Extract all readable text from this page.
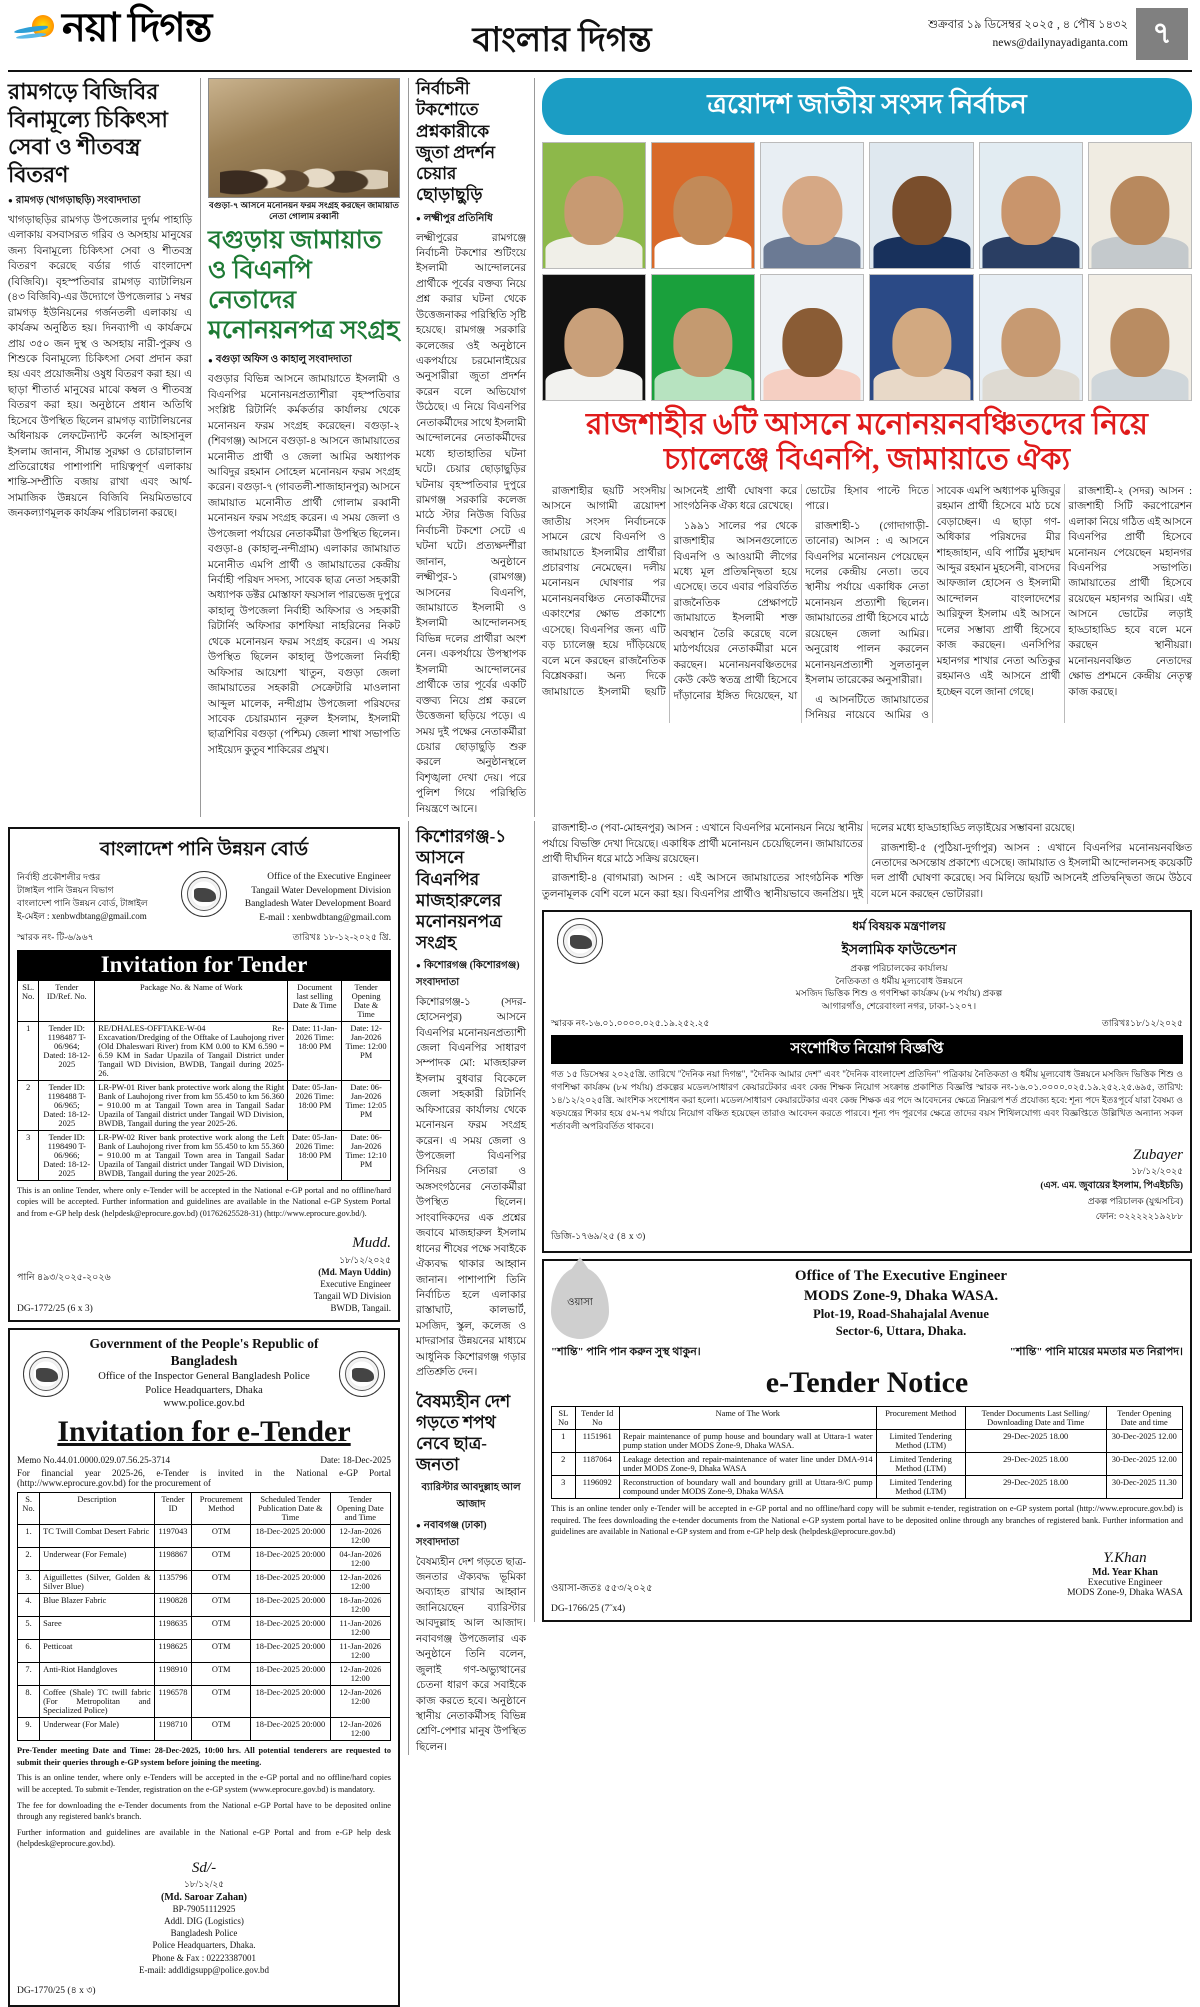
নয়া দিগন্ত	বাংলার দিগন্ত	শুক্রবার ১৯ ডিসেম্বর ২০২৫ , ৪ পৌষ ১৪৩২
news@dailynayadiganta.com ৭
রামগড়ে বিজিবির বিনামূল্যে চিকিৎসা সেবা ও শীতবস্ত্র বিতরণ
● রামগড় (খাগড়াছড়ি) সংবাদদাতা
খাগড়াছড়ির রামগড় উপজেলার দুর্গম পাহাড়ি এলাকায় বসবাসরত গরিব ও অসহায় মানুষের জন্য বিনামূল্যে চিকিৎসা সেবা ও শীতবস্ত্র বিতরণ করেছে বর্ডার গার্ড বাংলাদেশ (বিজিবি)। বৃহস্পতিবার রামগড় ব্যাটালিয়ন (৪৩ বিজিবি)-এর উদ্যোগে উপজেলার ১ নম্বর রামগড় ইউনিয়নের গর্জনতলী এলাকায় এ কার্যক্রম অনুষ্ঠিত হয়। দিনব্যাপী এ কার্যক্রমে প্রায় ৩৫০ জন দুস্থ ও অসহায় নারী-পুরুষ ও শিশুকে বিনামূল্যে চিকিৎসা সেবা প্রদান করা হয় এবং প্রয়োজনীয় ওষুধ বিতরণ করা হয়। এ ছাড়া শীতার্ত মানুষের মাঝে কম্বল ও শীতবস্ত্র বিতরণ করা হয়। অনুষ্ঠানে প্রধান অতিথি হিসেবে উপস্থিত ছিলেন রামগড় ব্যাটালিয়নের অধিনায়ক লেফটেন্যান্ট কর্নেল আহসানুল ইসলাম জানান, সীমান্ত সুরক্ষা ও চোরাচালান প্রতিরোধের পাশাপাশি দায়িত্বপূর্ণ এলাকায় শান্তি-সম্প্রীতি বজায় রাখা এবং আর্থ-সামাজিক উন্নয়নে বিজিবি নিয়মিতভাবে জনকল্যাণমূলক কার্যক্রম পরিচালনা করছে।
বগুড়া-৭ আসনে মনোনয়ন ফরম সংগ্রহ করছেন জামায়াত নেতা গোলাম রব্বানী
বগুড়ায় জামায়াত ও বিএনপি নেতাদের মনোনয়নপত্র সংগ্রহ
● বগুড়া অফিস ও কাহালু সংবাদদাতা
বগুড়ার বিভিন্ন আসনে জামায়াতে ইসলামী ও বিএনপির মনোনয়নপ্রত্যাশীরা বৃহস্পতিবার সংশ্লিষ্ট রিটার্নিং কর্মকর্তার কার্যালয় থেকে মনোনয়ন ফরম সংগ্রহ করেছেন। বগুড়া-২ (শিবগঞ্জ) আসনে বগুড়া-৪ আসনে জামায়াতের মনোনীত প্রার্থী ও জেলা আমির অধ্যাপক আবিদুর রহমান সোহেল মনোনয়ন ফরম সংগ্রহ করেন। বগুড়া-৭ (গাবতলী-শাজাহানপুর) আসনে জামায়াত মনোনীত প্রার্থী গোলাম রব্বানী মনোনয়ন ফরম সংগ্রহ করেন। এ সময় জেলা ও উপজেলা পর্যায়ের নেতাকর্মীরা উপস্থিত ছিলেন। বগুড়া-৪ (কাহালু-নন্দীগ্রাম) এলাকার জামায়াত মনোনীত এমপি প্রার্থী ও জামায়াতের কেন্দ্রীয় নির্বাহী পরিষদ সদস্য, সাবেক ছাত্র নেতা সহকারী অধ্যাপক ডক্টর মোস্তাফা ফয়সাল পারভেজ দুপুরে কাহালু উপজেলা নির্বাহী অফিসার ও সহকারী রিটার্নিং অফিসার কাশফিয়া নাহরিনের নিকট থেকে মনোনয়ন ফরম সংগ্রহ করেন। এ সময় উপস্থিত ছিলেন কাহালু উপজেলা নির্বাহী অফিসার আয়েশা খাতুন, বগুড়া জেলা জামায়াতের সহকারী সেক্রেটারি মাওলানা আব্দুল মালেক, নন্দীগ্রাম উপজেলা পরিষদের সাবেক চেয়ারম্যান নূরুল ইসলাম, ইসলামী ছাত্রশিবির বগুড়া (পশ্চিম) জেলা শাখা সভাপতি সাইয়্যেদ কুতুব শাকিরের প্রমুখ।
নির্বাচনী টকশোতে প্রশ্নকারীকে জুতা প্রদর্শন চেয়ার ছোড়াছুড়ি
● লক্ষ্মীপুর প্রতিনিধি
লক্ষ্মীপুরের রামগঞ্জে নির্বাচনী টকশোর শুটিংয়ে ইসলামী আন্দোলনের প্রার্থীকে পূর্বের বক্তব্য নিয়ে প্রশ্ন করার ঘটনা থেকে উত্তেজনাকর পরিস্থিতি সৃষ্টি হয়েছে। রামগঞ্জ সরকারি কলেজের ওই অনুষ্ঠানে একপর্যায়ে চরমোনাইয়ের অনুসারীরা জুতা প্রদর্শন করেন বলে অভিযোগ উঠেছে। এ নিয়ে বিএনপির নেতাকর্মীদের সাথে ইসলামী আন্দোলনের নেতাকর্মীদের মধ্যে হাতাহাতির ঘটনা ঘটে। চেয়ার ছোড়াছুড়ির ঘটনায় বৃহস্পতিবার দুপুরে রামগঞ্জ সরকারি কলেজ মাঠে স্টার নিউজ বিডির নির্বাচনী টকশো সেটে এ ঘটনা ঘটে। প্রত্যক্ষদর্শীরা জানান, অনুষ্ঠানে লক্ষ্মীপুর-১ (রামগঞ্জ) আসনের বিএনপি, জামায়াতে ইসলামী ও ইসলামী আন্দোলনসহ বিভিন্ন দলের প্রার্থীরা অংশ নেন। একপর্যায়ে উপস্থাপক ইসলামী আন্দোলনের প্রার্থীকে তার পূর্বের একটি বক্তব্য নিয়ে প্রশ্ন করলে উত্তেজনা ছড়িয়ে পড়ে। এ সময় দুই পক্ষের নেতাকর্মীরা চেয়ার ছোড়াছুড়ি শুরু করলে অনুষ্ঠানস্থলে বিশৃঙ্খলা দেখা দেয়। পরে পুলিশ গিয়ে পরিস্থিতি নিয়ন্ত্রণে আনে।
ত্রয়োদশ জাতীয় সংসদ নির্বাচন
রাজশাহীর ৬টি আসনে মনোনয়নবঞ্চিতদের নিয়ে চ্যালেঞ্জে বিএনপি, জামায়াতে ঐক্য

রাজশাহীর ছয়টি সংসদীয় আসনে আগামী ত্রয়োদশ জাতীয় সংসদ নির্বাচনকে সামনে রেখে বিএনপি ও জামায়াতে ইসলামীর প্রার্থীরা প্রচারণায় নেমেছেন। দলীয় মনোনয়ন ঘোষণার পর মনোনয়নবঞ্চিত নেতাকর্মীদের একাংশের ক্ষোভ প্রকাশ্যে এসেছে। বিএনপির জন্য এটি বড় চ্যালেঞ্জ হয়ে দাঁড়িয়েছে বলে মনে করছেন রাজনৈতিক বিশ্লেষকরা। অন্য দিকে জামায়াতে ইসলামী ছয়টি আসনেই প্রার্থী ঘোষণা করে সাংগঠনিক ঐক্য ধরে রেখেছে।

১৯৯১ সালের পর থেকে রাজশাহীর আসনগুলোতে বিএনপি ও আওয়ামী লীগের মধ্যে মূল প্রতিদ্বন্দ্বিতা হয়ে এসেছে। তবে এবার পরিবর্তিত রাজনৈতিক প্রেক্ষাপটে জামায়াতে ইসলামী শক্ত অবস্থান তৈরি করেছে বলে মাঠপর্যায়ের নেতাকর্মীরা মনে করছেন। মনোনয়নবঞ্চিতদের কেউ কেউ স্বতন্ত্র প্রার্থী হিসেবে দাঁড়ানোর ইঙ্গিত দিয়েছেন, যা ভোটের হিসাব পাল্টে দিতে পারে।

রাজশাহী-১ (গোদাগাড়ী-তানোর) আসন : এ আসনে বিএনপির মনোনয়ন পেয়েছেন দলের কেন্দ্রীয় নেতা। তবে স্থানীয় পর্যায়ে একাধিক নেতা মনোনয়ন প্রত্যাশী ছিলেন। জামায়াতের প্রার্থী হিসেবে মাঠে রয়েছেন জেলা আমির। অনুরোধ পালন করলেন মনোনয়নপ্রত্যাশী সুলতানুল ইসলাম তারেকের অনুসারীরা।

এ আসনটিতে জামায়াতের সিনিয়র নায়েবে আমির ও সাবেক এমপি অধ্যাপক মুজিবুর রহমান প্রার্থী হিসেবে মাঠ চষে বেড়াচ্ছেন। এ ছাড়া গণ-অধিকার পরিষদের মীর শাহজাহান, এবি পার্টির মুহাম্মদ আব্দুর রহমান মুহসেনী, বাসদের আফজাল হোসেন ও ইসলামী আন্দোলন বাংলাদেশের আরিফুল ইসলাম এই আসনে দলের সম্ভাব্য প্রার্থী হিসেবে কাজ করছেন। এনসিপির মহানগর শাখার নেতা অতিকুর রহমানও এই আসনে প্রার্থী হচ্ছেন বলে জানা গেছে।

রাজশাহী-২ (সদর) আসন : রাজশাহী সিটি করপোরেশন এলাকা নিয়ে গঠিত এই আসনে বিএনপির প্রার্থী হিসেবে মনোনয়ন পেয়েছেন মহানগর বিএনপির সভাপতি। জামায়াতের প্রার্থী হিসেবে রয়েছেন মহানগর আমির। এই আসনে ভোটের লড়াই হাড্ডাহাড্ডি হবে বলে মনে করছেন স্থানীয়রা। মনোনয়নবঞ্চিত নেতাদের ক্ষোভ প্রশমনে কেন্দ্রীয় নেতৃত্ব কাজ করছে।

বাংলাদেশ পানি উন্নয়ন বোর্ড
নির্বাহী প্রকৌশলীর দপ্তর
টাঙ্গাইল পানি উন্নয়ন বিভাগ
বাংলাদেশ পানি উন্নয়ন বোর্ড, টাঙ্গাইল
ই-মেইল : xenbwdbtang@gmail.com
Office of the Executive Engineer
Tangail Water Development Division
Bangladesh Water Development Board
E-mail : xenbwdbtang@gmail.com
স্মারক নং- টি-৬/৯৬৭	তারিখঃ ১৮-১২-২০২৫ খ্রি.
Invitation for Tender
SL. No.	Tender ID/Ref. No.	Package No. & Name of Work	Document last selling Date & Time	Tender Opening Date & Time
1	Tender ID: 1198487 T-06/964; Dated: 18-12-2025	RE/DHALES-OFFTAKE-W-04 Re-Excavation/Dredging of the Offtake of Lauhojong river (Old Dhaleswari River) from KM 0.00 to KM 6.590 = 6.59 KM in Sadar Upazila of Tangail District under Tangail WD Division, BWDB, Tangail during 2025-26.	Date: 11-Jan-2026 Time: 18:00 PM	Date: 12-Jan-2026 Time: 12:00 PM
2	Tender ID: 1198488 T-06/965; Dated: 18-12-2025	LR-PW-01 River bank protective work along the Right Bank of Lauhojong river from km 55.450 to km 56.360 = 910.00 m at Tangail Town area in Tangail Sadar Upazila of Tangail district under Tangail WD Division, BWDB, Tangail during the year 2025-26.	Date: 05-Jan-2026 Time: 18:00 PM	Date: 06-Jan-2026 Time: 12:05 PM
3	Tender ID: 1198490 T-06/966; Dated: 18-12-2025	LR-PW-02 River bank protective work along the Left Bank of Lauhojong river from km 55.450 to km 55.360 = 910.00 m at Tangail Town area in Tangail Sadar Upazila of Tangail district under Tangail WD Division, BWDB, Tangail during the year 2025-26.	Date: 05-Jan-2026 Time: 18:00 PM	Date: 06-Jan-2026 Time: 12:10 PM
This is an online Tender, where only e-Tender will be accepted in the National e-GP portal and no offline/hard copies will be accepted. Further information and guidelines are available in the National e-GP System Portal and from e-GP help desk (helpdesk@eprocure.gov.bd) (01762625528-31) (http://www.eprocure.gov.bd/).
পানি ৪৯৩/২০২৫-২০২৬
DG-1772/25 (6 x 3)
Mudd.
১৮/১২/২০২৫
(Md. Mayn Uddin)
Executive Engineer
Tangail WD Division
BWDB, Tangail.
Government of the People's Republic of Bangladesh
Office of the Inspector General Bangladesh Police
Police Headquarters, Dhaka
www.police.gov.bd
Invitation for e-Tender
Memo No.44.01.0000.029.07.56.25-3714	Date: 18-Dec-2025
For financial year 2025-26, e-Tender is invited in the National e-GP Portal (http://www.eprocure.gov.bd) for the procurement of
S. No.	Description	Tender ID	Procurement Method	Scheduled Tender Publication Date & Time	Tender Opening Date and Time
1.	TC Twill Combat Desert Fabric	1197043	OTM	18-Dec-2025 20:000	12-Jan-2026 12:00
2.	Underwear (For Female)	1198867	OTM	18-Dec-2025 20:000	04-Jan-2026 12:00
3.	Aiguillettes (Silver, Golden & Silver Blue)	1135796	OTM	18-Dec-2025 20:000	12-Jan-2026 12:00
4.	Blue Blazer Fabric	1190828	OTM	18-Dec-2025 20:000	18-Jan-2026 12:00
5.	Saree	1198635	OTM	18-Dec-2025 20:000	11-Jan-2026 12:00
6.	Petticoat	1198625	OTM	18-Dec-2025 20:000	11-Jan-2026 12:00
7.	Anti-Riot Handgloves	1198910	OTM	18-Dec-2025 20:000	12-Jan-2026 12:00
8.	Coffee (Shale) TC twill fabric (For Metropolitan and Specialized Police)	1196578	OTM	18-Dec-2025 20:000	12-Jan-2026 12:00
9.	Underwear (For Male)	1198710	OTM	18-Dec-2025 20:000	12-Jan-2026 12:00
Pre-Tender meeting Date and Time: 28-Dec-2025, 10:00 hrs. All potential tenderers are requested to submit their queries through e-GP system before joining the meeting.
This is an online tender, where only e-Tenders will be accepted in the e-GP portal and no offline/hard copies will be accepted. To submit e-Tender, registration on the e-GP system (www.eprocure.gov.bd) is mandatory.
The fee for downloading the e-Tender documents from the National e-GP Portal have to be deposited online through any registered bank's branch.
Further information and guidelines are available in the National e-GP Portal and from e-GP help desk (helpdesk@eprocure.gov.bd).
Sd/-
১৮/১২/২৫
(Md. Saroar Zahan)
BP-79051112925
Addl. DIG (Logistics)
Bangladesh Police
Police Headquarters, Dhaka.
Phone & Fax : 02223387001
E-mail: addldigsupp@police.gov.bd
DG-1770/25 (৪ x ৩)
কিশোরগঞ্জ-১ আসনে বিএনপির মাজহারুলের মনোনয়নপত্র সংগ্রহ
● কিশোরগঞ্জ (কিশোরগঞ্জ) সংবাদদাতা
কিশোরগঞ্জ-১ (সদর-হোসেনপুর) আসনে বিএনপির মনোনয়নপ্রত্যাশী জেলা বিএনপির সাধারণ সম্পাদক মো: মাজহারুল ইসলাম বুধবার বিকেলে জেলা সহকারী রিটার্নিং অফিসারের কার্যালয় থেকে মনোনয়ন ফরম সংগ্রহ করেন। এ সময় জেলা ও উপজেলা বিএনপির সিনিয়র নেতারা ও অঙ্গসংগঠনের নেতাকর্মীরা উপস্থিত ছিলেন। সাংবাদিকদের এক প্রশ্নের জবাবে মাজহারুল ইসলাম ধানের শীষের পক্ষে সবাইকে ঐক্যবদ্ধ থাকার আহ্বান জানান। পাশাপাশি তিনি নির্বাচিত হলে এলাকার রাস্তাঘাট, কালভার্ট, মসজিদ, স্কুল, কলেজ ও মাদরাসার উন্নয়নের মাধ্যমে আধুনিক কিশোরগঞ্জ গড়ার প্রতিশ্রুতি দেন।
বৈষম্যহীন দেশ গড়তে শপথ নেবে ছাত্র-জনতা
ব্যারিস্টার আবদুল্লাহ আল আজাদ
● নবাবগঞ্জ (ঢাকা) সংবাদদাতা
বৈষম্যহীন দেশ গড়তে ছাত্র-জনতার ঐক্যবদ্ধ ভূমিকা অব্যাহত রাখার আহ্বান জানিয়েছেন ব্যারিস্টার আবদুল্লাহ আল আজাদ। নবাবগঞ্জ উপজেলার এক অনুষ্ঠানে তিনি বলেন, জুলাই গণ-অভ্যুত্থানের চেতনা ধারণ করে সবাইকে কাজ করতে হবে। অনুষ্ঠানে স্থানীয় নেতাকর্মীসহ বিভিন্ন শ্রেণি-পেশার মানুষ উপস্থিত ছিলেন।

রাজশাহী-৩ (পবা-মোহনপুর) আসন : এখানে বিএনপির মনোনয়ন নিয়ে স্থানীয় পর্যায়ে বিভক্তি দেখা দিয়েছে। একাধিক প্রার্থী মনোনয়ন চেয়েছিলেন। জামায়াতের প্রার্থী দীর্ঘদিন ধরে মাঠে সক্রিয় রয়েছেন।

রাজশাহী-৪ (বাগমারা) আসন : এই আসনে জামায়াতের সাংগঠনিক শক্তি তুলনামূলক বেশি বলে মনে করা হয়। বিএনপির প্রার্থীও স্থানীয়ভাবে জনপ্রিয়। দুই দলের মধ্যে হাড্ডাহাড্ডি লড়াইয়ের সম্ভাবনা রয়েছে।

রাজশাহী-৫ (পুঠিয়া-দুর্গাপুর) আসন : এখানে বিএনপির মনোনয়নবঞ্চিত নেতাদের অসন্তোষ প্রকাশ্যে এসেছে। জামায়াত ও ইসলামী আন্দোলনসহ কয়েকটি দল প্রার্থী ঘোষণা করেছে। সব মিলিয়ে ছয়টি আসনেই প্রতিদ্বন্দ্বিতা জমে উঠবে বলে মনে করছেন ভোটাররা।

ধর্ম বিষয়ক মন্ত্রণালয়
ইসলামিক ফাউন্ডেশন
প্রকল্প পরিচালকের কার্যালয়
নৈতিকতা ও ধর্মীয় মূল্যবোধ উন্নয়নে
মসজিদ ভিত্তিক শিশু ও গণশিক্ষা কার্যক্রম (৮ম পর্যায়) প্রকল্প
আগারগাঁও, শেরেবাংলা নগর, ঢাকা-১২০৭।
স্মারক নং-১৬.০১.০০০০.০২৫.১৯.২৫২.২৫	তারিখঃ১৮/১২/২০২৫
সংশোধিত নিয়োগ বিজ্ঞপ্তি
গত ১৫ ডিসেম্বর ২০২৫খ্রি. তারিখে "দৈনিক নয়া দিগন্ত", "দৈনিক আমার দেশ" এবং "দৈনিক বাংলাদেশ প্রতিদিন" পত্রিকায় নৈতিকতা ও ধর্মীয় মূল্যবোধ উন্নয়নে মসজিদ ভিত্তিক শিশু ও গণশিক্ষা কার্যক্রম (৮ম পর্যায়) প্রকল্পের মডেল/সাধারণ কেয়ারটেকার এবং কেন্দ্র শিক্ষক নিয়োগ সংক্রান্ত প্রকাশিত বিজ্ঞপ্তি স্মারক নং-১৬.০১.০০০০.০২৫.১৯.২৫২.২৫.৬৯৫, তারিখ: ১৪/১২/২০২৫খ্রি. আংশিক সংশোধন করা হলো। মডেল/সাধারণ কেয়ারটেকার এবং কেন্দ্র শিক্ষক এর পদে আবেদনের ক্ষেত্রে নিম্নরূপ শর্ত প্রযোজ্য হবে: শূন্য পদে ইতঃপূর্বে যারা বৈষম্য ও ষড়যন্ত্রের শিকার হয়ে ৫ম-৭ম পর্যায়ে নিয়োগ বঞ্চিত হয়েছেন তারাও আবেদন করতে পারবে। শূন্য পদ পূরণের ক্ষেত্রে তাদের বয়স শিথিলযোগ্য এবং বিজ্ঞপ্তিতে উল্লিখিত অন্যান্য সকল শর্তাবলী অপরিবর্তিত থাকবে।
Zubayer
১৮/১২/২০২৫
(এস. এম. জুবায়ের ইসলাম, পিএইচডি)
প্রকল্প পরিচালক (যুগ্মসচিব)
ফোন: ০২২২২২১৯২৮৮
ডিজি-১৭৬৯/২৫ (৪ x ৩)
ওয়াসা
Office of The Executive Engineer
MODS Zone-9, Dhaka WASA.
Plot-19, Road-Shahajalal Avenue
Sector-6, Uttara, Dhaka.
"শান্তি" পানি পান করুন সুস্থ থাকুন।	"শান্তি" পানি মায়ের মমতার মত নিরাপদ।
e-Tender Notice
SL No	Tender Id No	Name of The Work	Procurement Method	Tender Documents Last Selling/ Downloading Date and Time	Tender Opening Date and time
1	1151961	Repair maintenance of pump house and boundary wall at Uttara-1 water pump station under MODS Zone-9, Dhaka WASA.	Limited Tendering Method (LTM)	29-Dec-2025 18.00	30-Dec-2025 12.00
2	1187064	Leakage detection and repair-maintenance of water line under DMA-914 under MODS Zone-9, Dhaka WASA	Limited Tendering Method (LTM)	29-Dec-2025 18.00	30-Dec-2025 12.00
3	1196092	Reconstruction of boundary wall and boundary grill at Uttara-9/C pump compound under MODS Zone-9, Dhaka WASA	Limited Tendering Method (LTM)	29-Dec-2025 18.00	30-Dec-2025 11.30
This is an online tender only e-Tender will be accepted in e-GP portal and no offline/hard copy will be submit e-tender, registration on e-GP system portal (http://www.eprocure.gov.bd) is required. The fees downloading the e-tender documents from the National e-GP system portal have to be deposited online through any branches of registered bank. Further information and guidelines are available in National e-GP system and from e-GP help desk (helpdesk@eprocure.gov.bd)
ওয়াসা-জতঃ ৫৫৩/২০২৫
Y.Khan
Md. Year Khan
Executive Engineer
MODS Zone-9, Dhaka WASA
DG-1766/25 (7˝x4)
